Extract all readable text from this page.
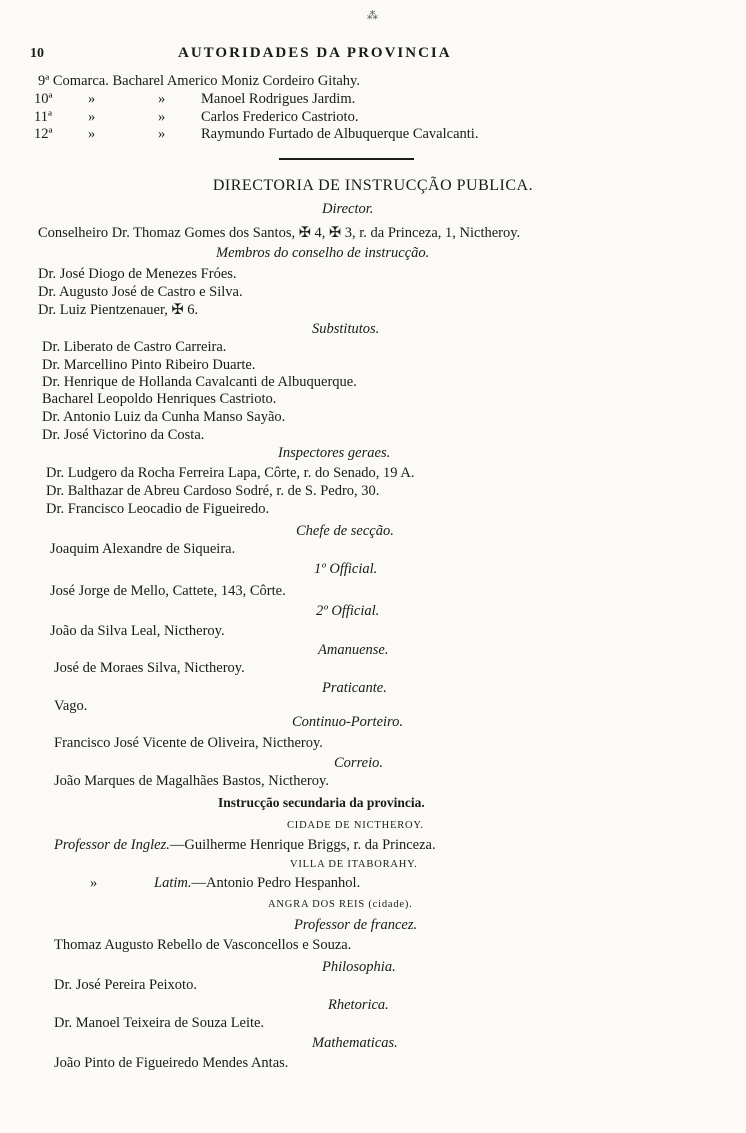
⁂
10	AUTORIDADES DA PROVINCIA
9ª Comarca. Bacharel Americo Moniz Cordeiro Gitahy.
10ª »	» Manoel Rodrigues Jardim.
11ª »	» Carlos Frederico Castrioto.
12ª »	» Raymundo Furtado de Albuquerque Cavalcanti.
DIRECTORIA DE INSTRUCÇÃO PUBLICA.
Director.
Conselheiro Dr. Thomaz Gomes dos Santos, ✠ 4, ✠ 3, r. da Princeza, 1, Nictheroy.
Membros do conselho de instrucção.
Dr. José Diogo de Menezes Fróes.
Dr. Augusto José de Castro e Silva.
Dr. Luiz Pientzenauer, ✠ 6.
Substitutos.
Dr. Liberato de Castro Carreira.
Dr. Marcellino Pinto Ribeiro Duarte.
Dr. Henrique de Hollanda Cavalcanti de Albuquerque.
Bacharel Leopoldo Henriques Castrioto.
Dr. Antonio Luiz da Cunha Manso Sayão.
Dr. José Victorino da Costa.
Inspectores geraes.
Dr. Ludgero da Rocha Ferreira Lapa, Côrte, r. do Senado, 19 A.
Dr. Balthazar de Abreu Cardoso Sodré, r. de S. Pedro, 30.
Dr. Francisco Leocadio de Figueiredo.
Chefe de secção.
Joaquim Alexandre de Siqueira.
1º Official.
José Jorge de Mello, Cattete, 143, Côrte.
2º Official.
João da Silva Leal, Nictheroy.
Amanuense.
José de Moraes Silva, Nictheroy.
Praticante.
Vago.
Continuo-Porteiro.
Francisco José Vicente de Oliveira, Nictheroy.
Correio.
João Marques de Magalhães Bastos, Nictheroy.
Instrucção secundaria da provincia.
CIDADE DE NICTHEROY.
Professor de Inglez.—Guilherme Henrique Briggs, r. da Princeza.
VILLA DE ITABORAHY.
»	Latim.—Antonio Pedro Hespanhol.
ANGRA DOS REIS (cidade).
Professor de francez.
Thomaz Augusto Rebello de Vasconcellos e Souza.
Philosophia.
Dr. José Pereira Peixoto.
Rhetorica.
Dr. Manoel Teixeira de Souza Leite.
Mathematicas.
João Pinto de Figueiredo Mendes Antas.
